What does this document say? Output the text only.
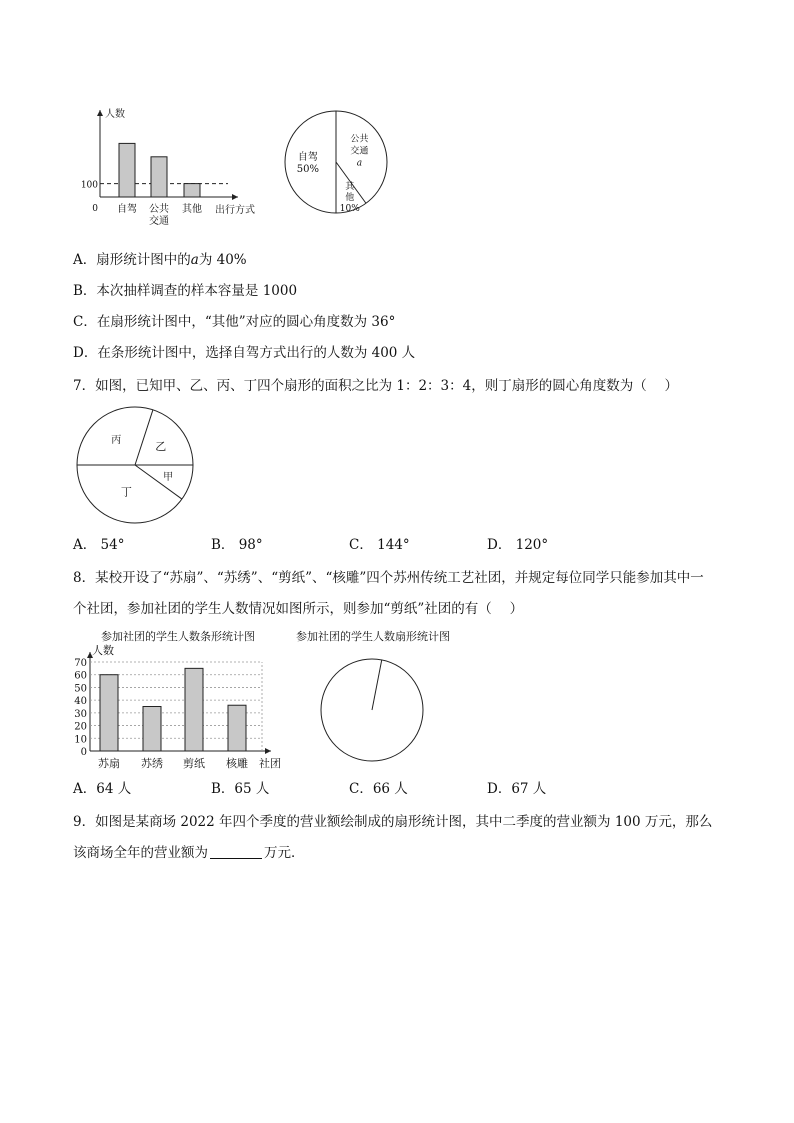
人数
0
100
自驾 公共
交通
其他 出行方式
自驾
50%
公共
交通
a
其
他
10%
A．扇形统计图中的a为 40%
B．本次抽样调查的样本容量是 1000
C．在扇形统计图中，“其他”对应的圆心角度数为 36°
D．在条形统计图中，选择自驾方式出行的人数为 400 人
7．如图，已知甲、乙、丙、丁四个扇形的面积之比为 1：2：3：4，则丁扇形的圆心角度数为（　 ）
甲
丁
丙	乙
A． 54°	B． 98°	C． 144°	D． 120°
8．某校开设了“苏扇”、“苏绣”、“剪纸”、“核雕”四个苏州传统工艺社团，并规定每位同学只能参加其中一
个社团，参加社团的学生人数情况如图所示，则参加“剪纸”社团的有（　 ）
参加社团的学生人数条形统计图	参加社团的学生人数扇形统计图
人数
0
10
20
30
40
50
60
70
苏扇 苏绣 剪纸 核雕 社团
A．64 人	B．65 人	C．66 人	D．67 人
9．如图是某商场 2022 年四个季度的营业额绘制成的扇形统计图，其中二季度的营业额为 100 万元，那么
该商场全年的营业额为	万元．
